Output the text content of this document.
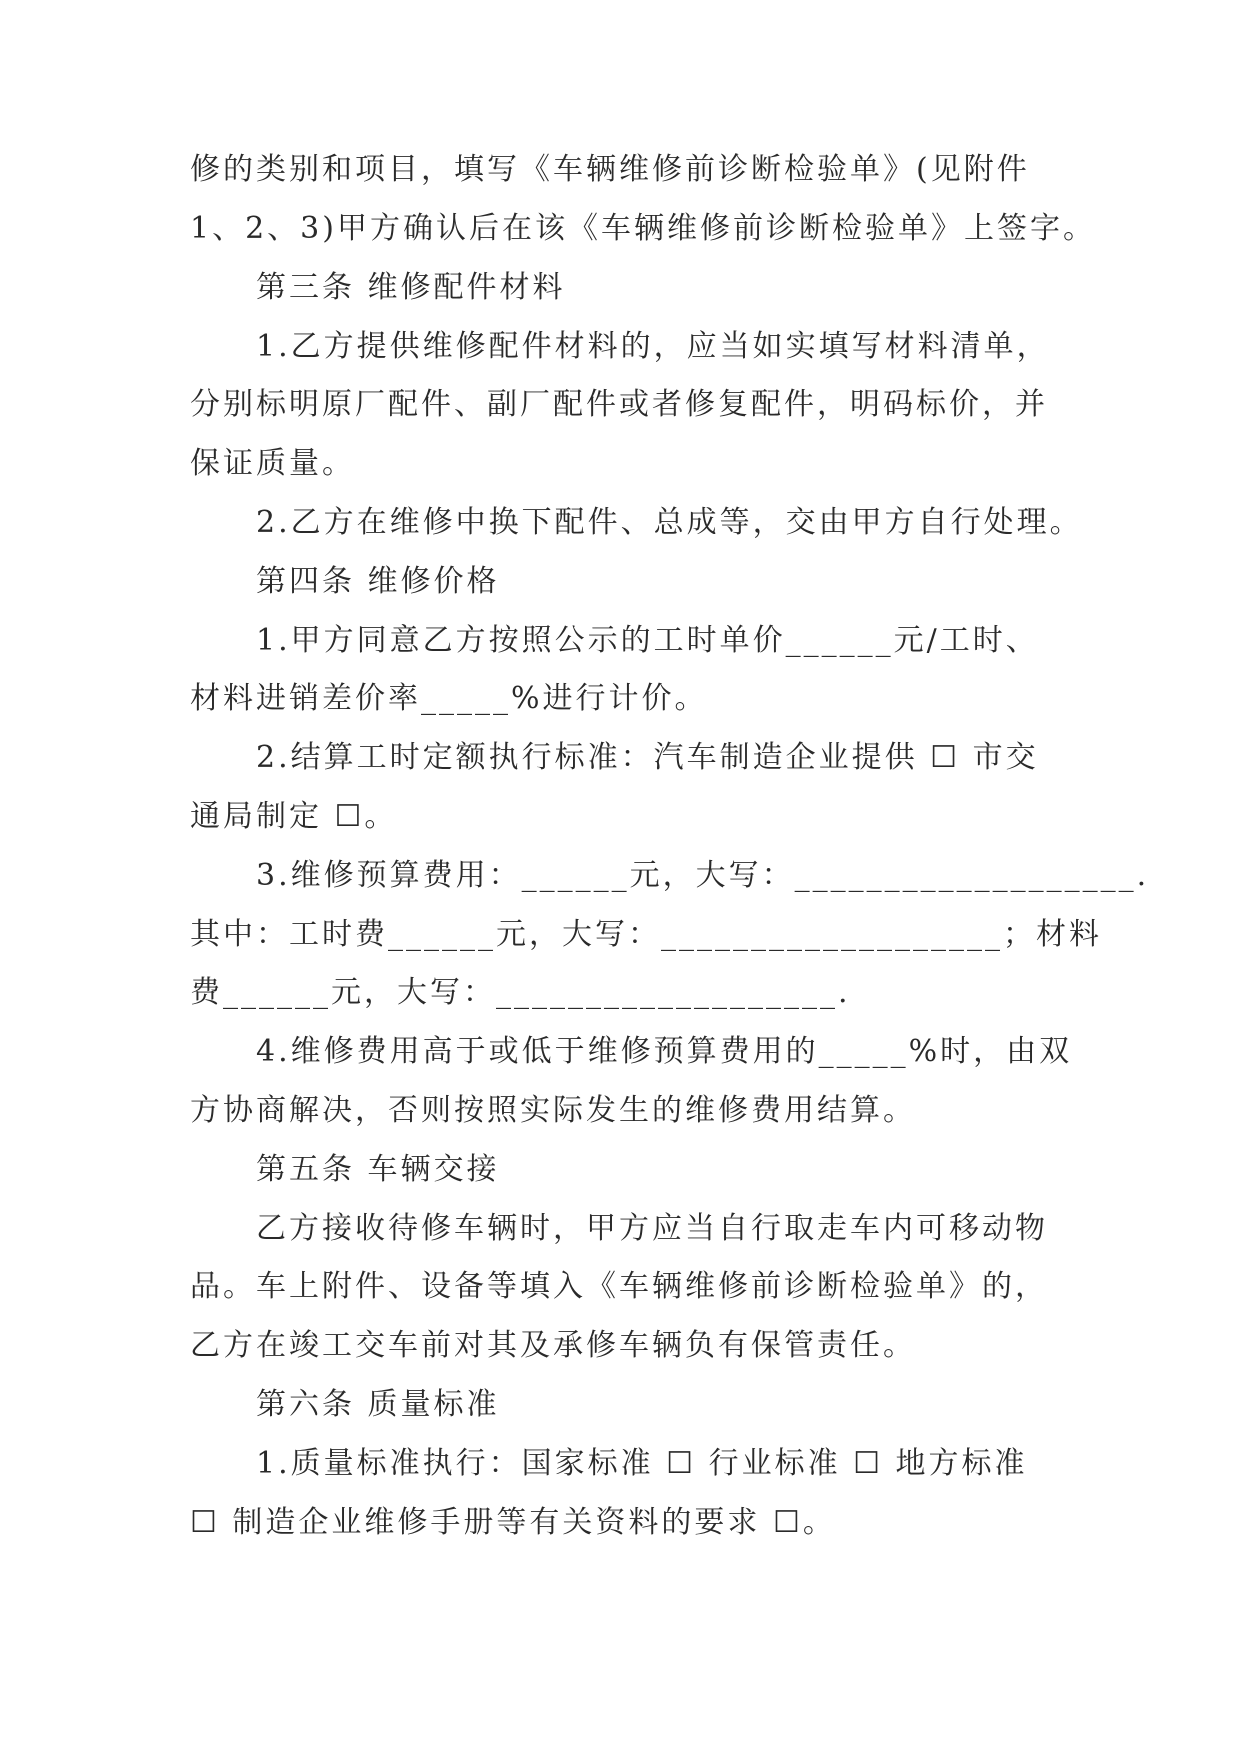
修的类别和项目，填写《车辆维修前诊断检验单》(见附件
1、2、3)甲方确认后在该《车辆维修前诊断检验单》上签字。
第三条 维修配件材料
1.乙方提供维修配件材料的，应当如实填写材料清单，
分别标明原厂配件、副厂配件或者修复配件，明码标价，并
保证质量。
2.乙方在维修中换下配件、总成等，交由甲方自行处理。
第四条 维修价格
1.甲方同意乙方按照公示的工时单价______元/工时、
材料进销差价率_____%进行计价。
2.结算工时定额执行标准：汽车制造企业提供 ☐ 市交
通局制定 ☐。
3.维修预算费用：______元，大写：___________________.
其中：工时费______元，大写：___________________；材料
费______元，大写：___________________.
4.维修费用高于或低于维修预算费用的_____%时，由双
方协商解决，否则按照实际发生的维修费用结算。
第五条 车辆交接
乙方接收待修车辆时，甲方应当自行取走车内可移动物
品。车上附件、设备等填入《车辆维修前诊断检验单》的，
乙方在竣工交车前对其及承修车辆负有保管责任。
第六条 质量标准
1.质量标准执行：国家标准 ☐ 行业标准 ☐ 地方标准
☐ 制造企业维修手册等有关资料的要求 ☐。
